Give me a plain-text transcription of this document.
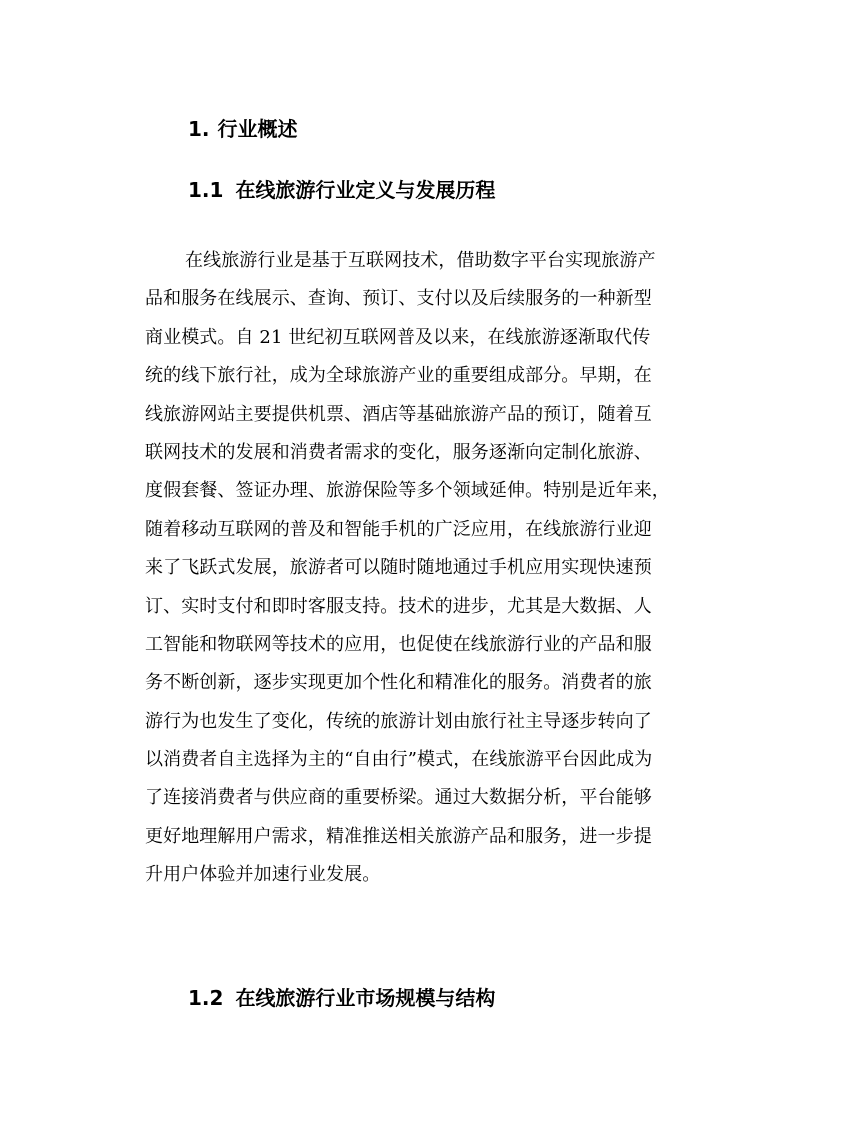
1. 行业概述
1.1 在线旅游行业定义与发展历程
在线旅游行业是基于互联网技术，借助数字平台实现旅游产
品和服务在线展示、查询、预订、支付以及后续服务的一种新型
商业模式。自 21 世纪初互联网普及以来，在线旅游逐渐取代传
统的线下旅行社，成为全球旅游产业的重要组成部分。早期，在
线旅游网站主要提供机票、酒店等基础旅游产品的预订，随着互
联网技术的发展和消费者需求的变化，服务逐渐向定制化旅游、
度假套餐、签证办理、旅游保险等多个领域延伸。特别是近年来，
随着移动互联网的普及和智能手机的广泛应用，在线旅游行业迎
来了飞跃式发展，旅游者可以随时随地通过手机应用实现快速预
订、实时支付和即时客服支持。技术的进步，尤其是大数据、人
工智能和物联网等技术的应用，也促使在线旅游行业的产品和服
务不断创新，逐步实现更加个性化和精准化的服务。消费者的旅
游行为也发生了变化，传统的旅游计划由旅行社主导逐步转向了
以消费者自主选择为主的“自由行”模式，在线旅游平台因此成为
了连接消费者与供应商的重要桥梁。通过大数据分析，平台能够
更好地理解用户需求，精准推送相关旅游产品和服务，进一步提
升用户体验并加速行业发展。
1.2 在线旅游行业市场规模与结构
